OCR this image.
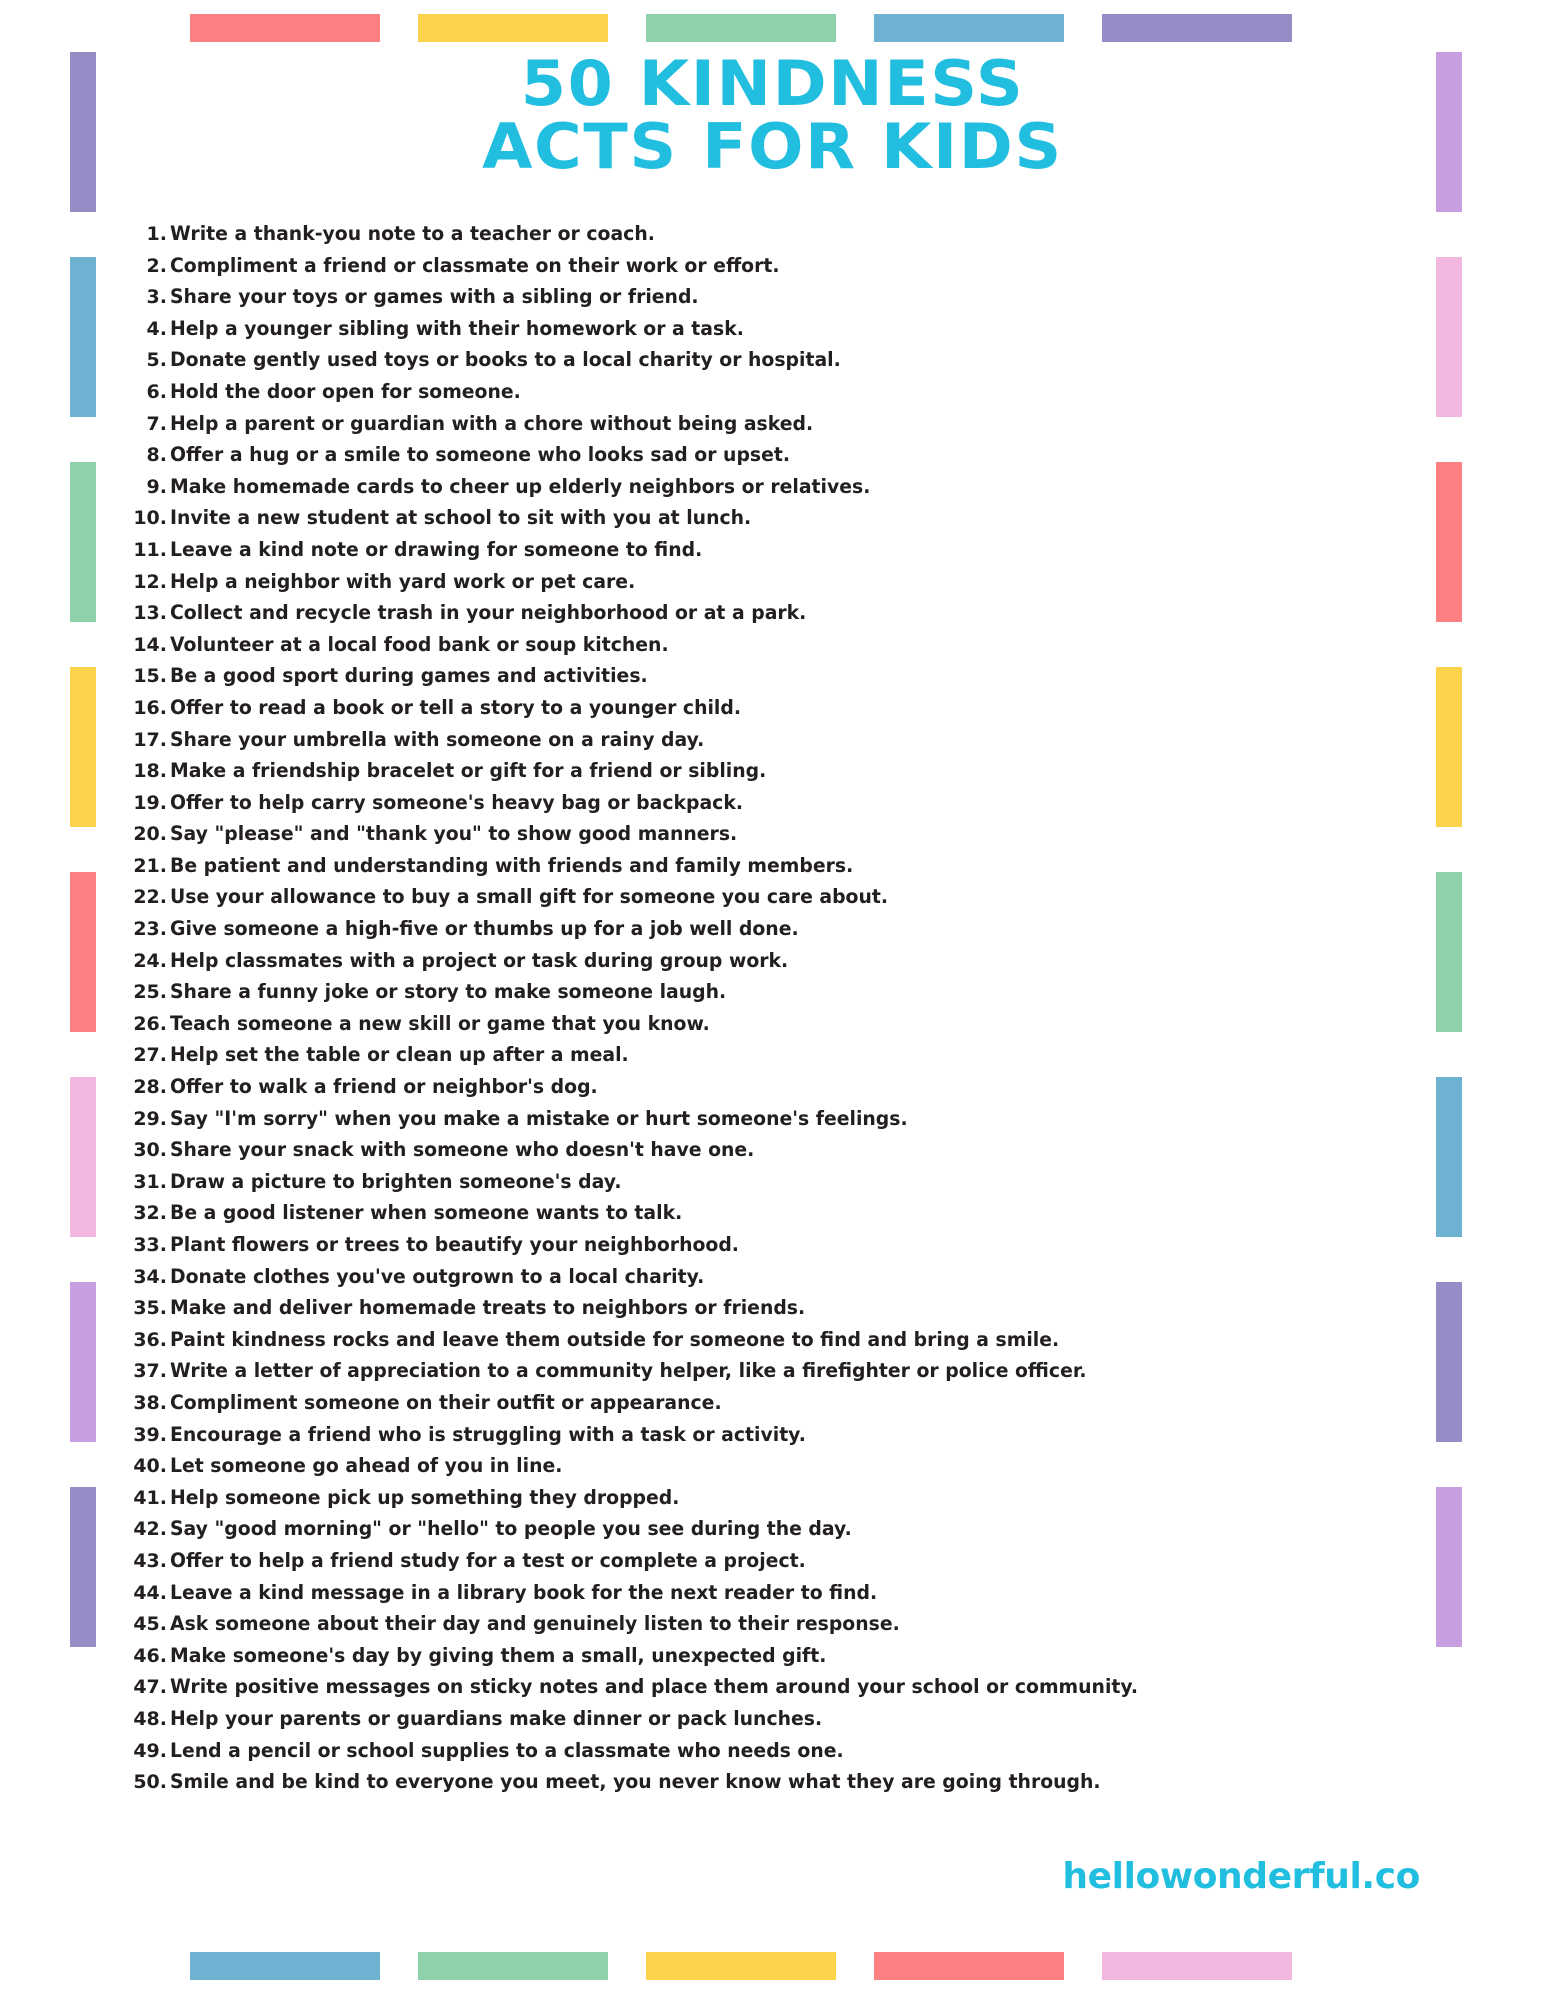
50 KINDNESS
ACTS FOR KIDS
1 . Write a thank-you note to a teacher or coach.
2 . Compliment a friend or classmate on their work or effort.
3 . Share your toys or games with a sibling or friend.
4 . Help a younger sibling with their homework or a task.
5 . Donate gently used toys or books to a local charity or hospital.
6 . Hold the door open for someone.
7 . Help a parent or guardian with a chore without being asked.
8 . Offer a hug or a smile to someone who looks sad or upset.
9 . Make homemade cards to cheer up elderly neighbors or relatives.
10 . Invite a new student at school to sit with you at lunch.
11 . Leave a kind note or drawing for someone to find.
12 . Help a neighbor with yard work or pet care.
13 . Collect and recycle trash in your neighborhood or at a park.
14 . Volunteer at a local food bank or soup kitchen.
15 . Be a good sport during games and activities.
16 . Offer to read a book or tell a story to a younger child.
17 . Share your umbrella with someone on a rainy day.
18 . Make a friendship bracelet or gift for a friend or sibling.
19 . Offer to help carry someone's heavy bag or backpack.
20 . Say "please" and "thank you" to show good manners.
21 . Be patient and understanding with friends and family members.
22 . Use your allowance to buy a small gift for someone you care about.
23 . Give someone a high-five or thumbs up for a job well done.
24 . Help classmates with a project or task during group work.
25 . Share a funny joke or story to make someone laugh.
26 . Teach someone a new skill or game that you know.
27 . Help set the table or clean up after a meal.
28 . Offer to walk a friend or neighbor's dog.
29 . Say "I'm sorry" when you make a mistake or hurt someone's feelings.
30 . Share your snack with someone who doesn't have one.
31 . Draw a picture to brighten someone's day.
32 . Be a good listener when someone wants to talk.
33 . Plant flowers or trees to beautify your neighborhood.
34 . Donate clothes you've outgrown to a local charity.
35 . Make and deliver homemade treats to neighbors or friends.
36 . Paint kindness rocks and leave them outside for someone to find and bring a smile.
37 . Write a letter of appreciation to a community helper, like a firefighter or police officer.
38 . Compliment someone on their outfit or appearance.
39 . Encourage a friend who is struggling with a task or activity.
40 . Let someone go ahead of you in line.
41 . Help someone pick up something they dropped.
42 . Say "good morning" or "hello" to people you see during the day.
43 . Offer to help a friend study for a test or complete a project.
44 . Leave a kind message in a library book for the next reader to find.
45 . Ask someone about their day and genuinely listen to their response.
46 . Make someone's day by giving them a small, unexpected gift.
47 . Write positive messages on sticky notes and place them around your school or community.
48 . Help your parents or guardians make dinner or pack lunches.
49 . Lend a pencil or school supplies to a classmate who needs one.
50 . Smile and be kind to everyone you meet, you never know what they are going through.
hellowonderful.co
